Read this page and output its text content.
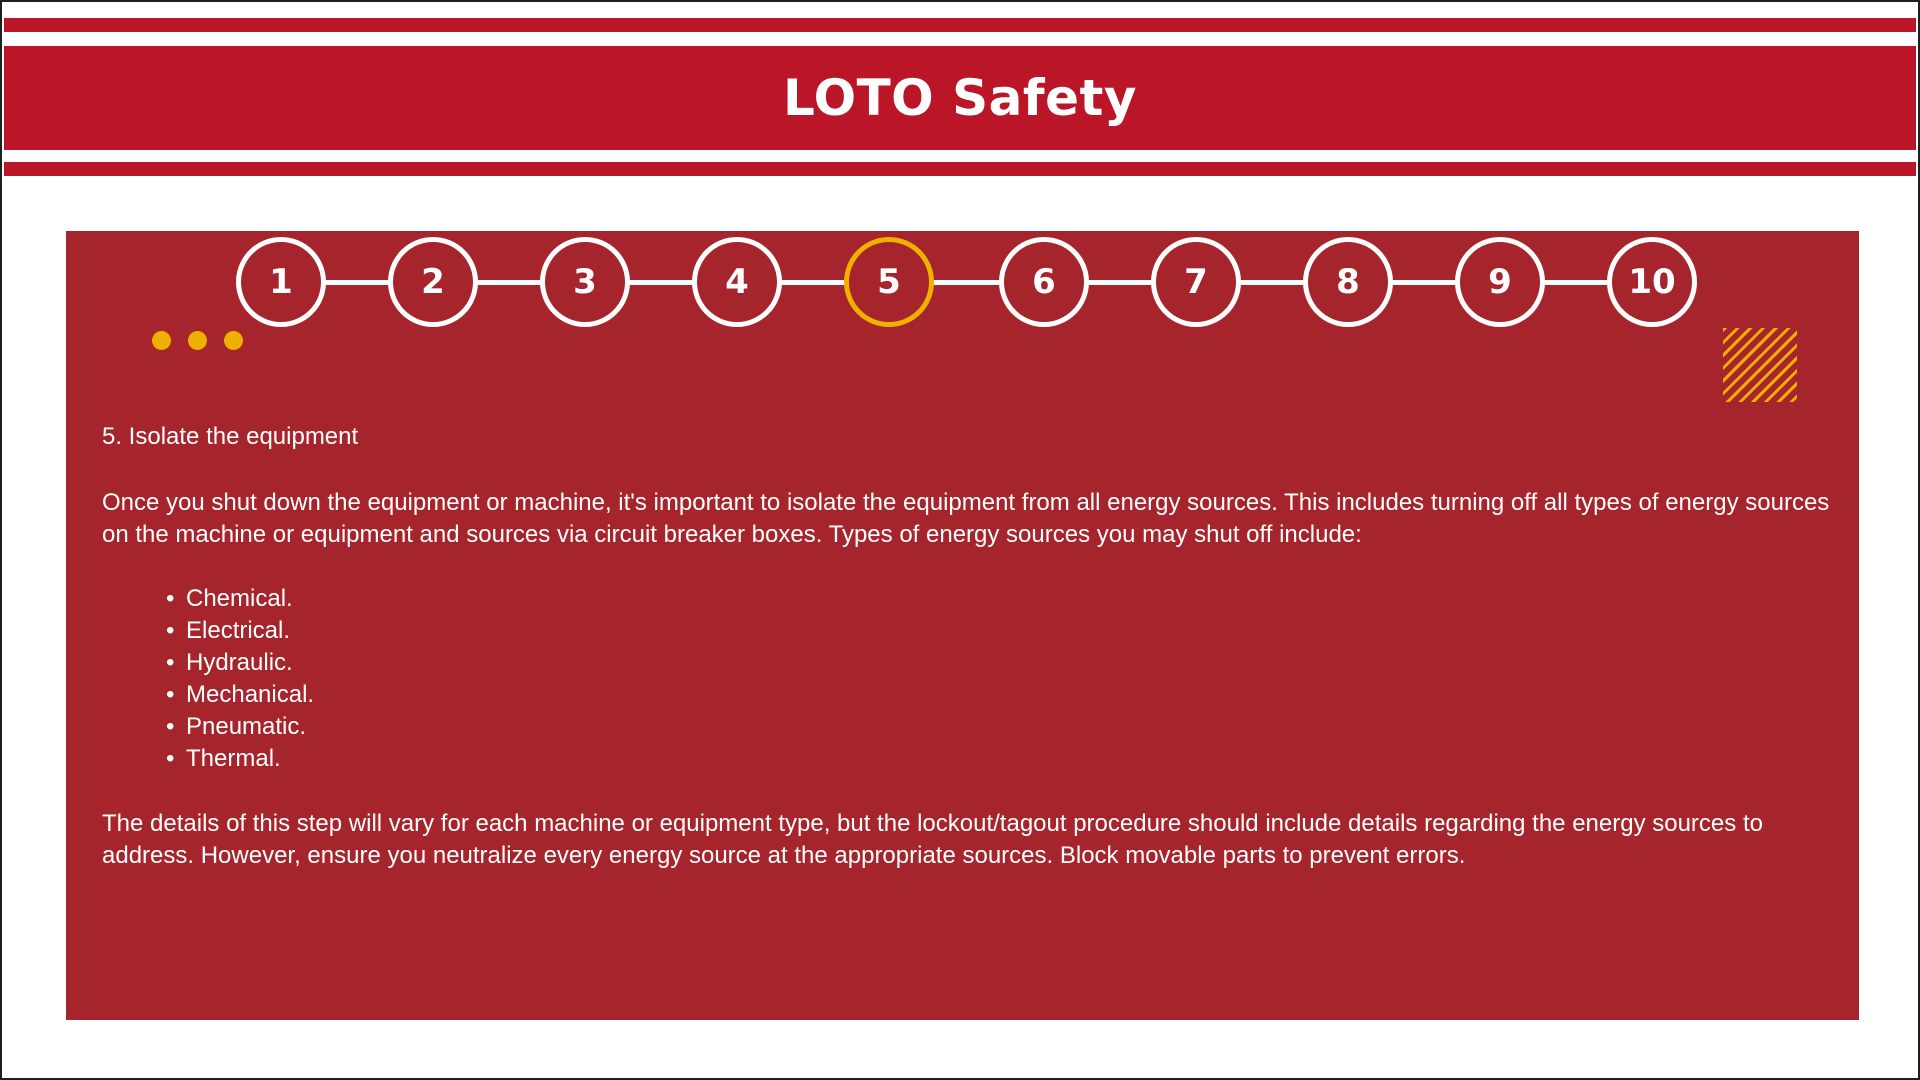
LOTO Safety
1	2	3	4	5	6	7	8	9	10

5. Isolate the equipment

Once you shut down the equipment or machine, it's important to isolate the equipment from all energy sources. This includes turning off all types of energy sources on the machine or equipment and sources via circuit breaker boxes. Types of energy sources you may shut off include:

• Chemical.
• Electrical.
• Hydraulic.
• Mechanical.
• Pneumatic.
• Thermal.

The details of this step will vary for each machine or equipment type, but the lockout/tagout procedure should include details regarding the energy sources to address. However, ensure you neutralize every energy source at the appropriate sources. Block movable parts to prevent errors.
